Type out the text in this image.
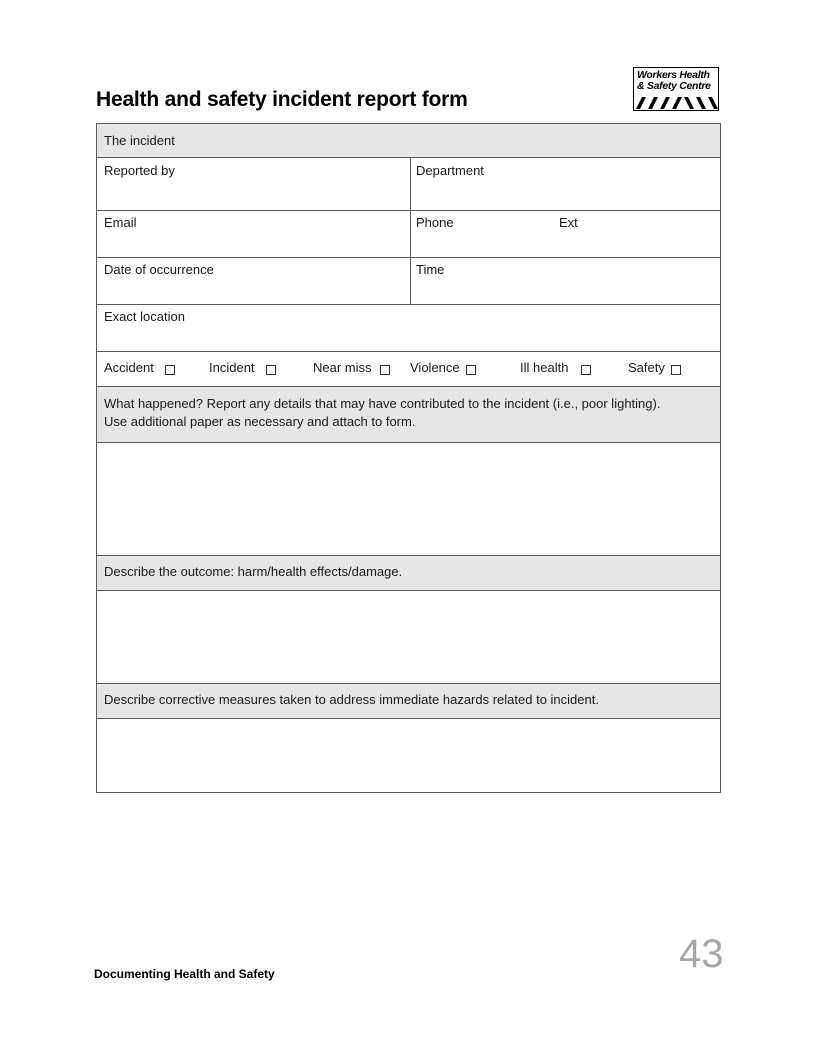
Health and safety incident report form
Workers Health
& Safety Centre
The incident
Reported by	Department
Email	Phone	Ext
Date of occurrence	Time
Exact location
Accident	Incident	Near miss	Violence	Ill health	Safety
What happened? Report any details that may have contributed to the incident (i.e., poor lighting).
Use additional paper as necessary and attach to form.
Describe the outcome: harm/health effects/damage.
Describe corrective measures taken to address immediate hazards related to incident.
43
Documenting Health and Safety
